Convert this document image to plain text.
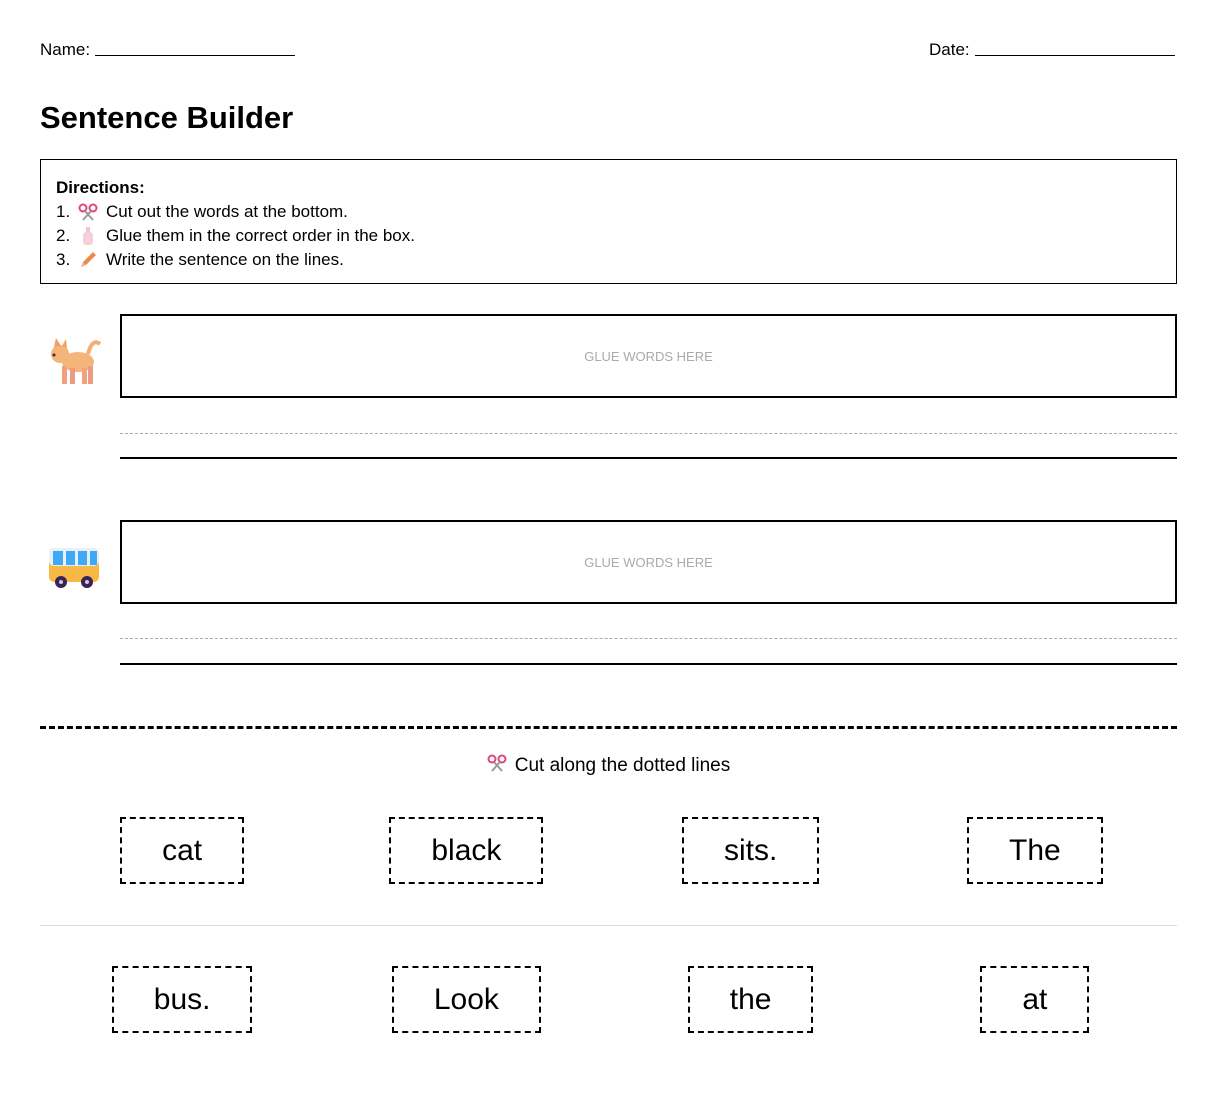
Name:	Date:
Sentence Builder
Directions:
1.	Cut out the words at the bottom.
2.	Glue them in the correct order in the box.
3.	Write the sentence on the lines.
GLUE WORDS HERE
GLUE WORDS HERE
Cut along the dotted lines
cat	black	sits.	The
bus.	Look	the	at
